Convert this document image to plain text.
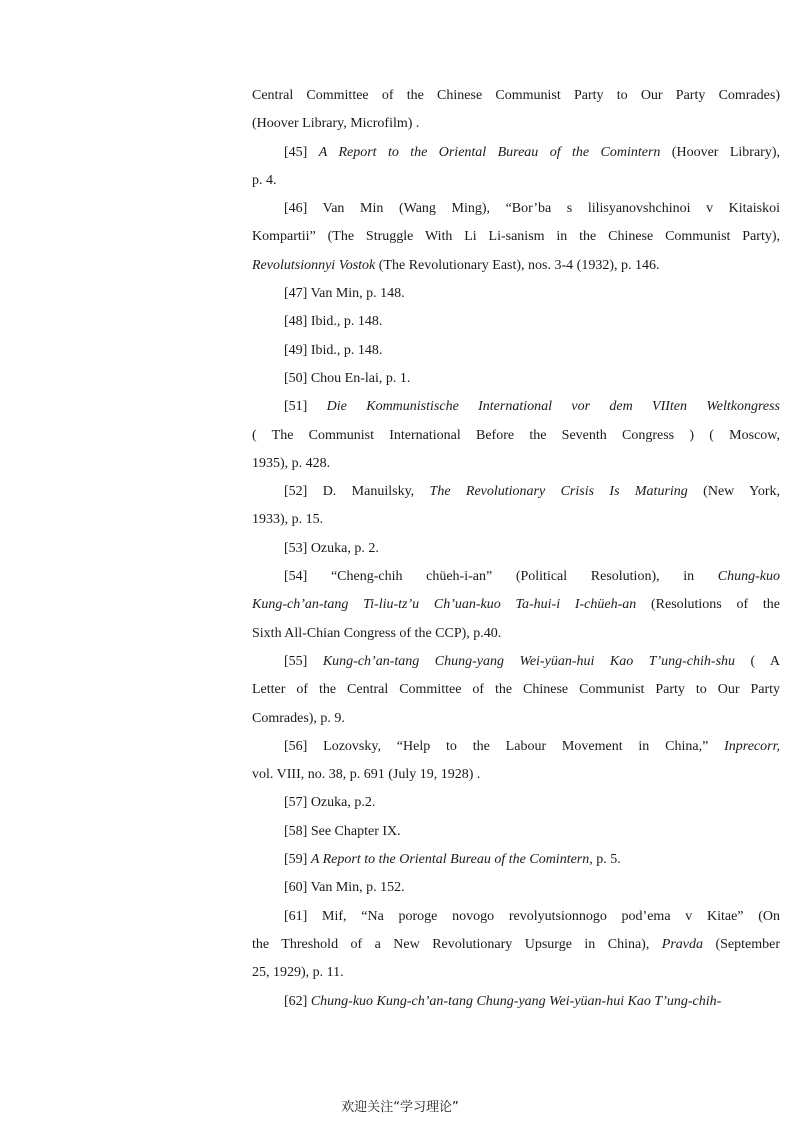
Central Committee of the Chinese Communist Party to Our Party Comrades)
(Hoover Library, Microfilm) .
[45] A Report to the Oriental Bureau of the Comintern (Hoover Library),
p. 4.
[46] Van Min (Wang Ming), “Bor’ba s lilisyanovshchinoi v Kitaiskoi
Kompartii” (The Struggle With Li Li-sanism in the Chinese Communist Party),
Revolutsionnyi Vostok (The Revolutionary East), nos. 3-4 (1932), p. 146.
[47] Van Min, p. 148.
[48] Ibid., p. 148.
[49] Ibid., p. 148.
[50] Chou En-lai, p. 1.
[51] Die Kommunistische International vor dem VIIten Weltkongress
( The Communist International Before the Seventh Congress ) ( Moscow,
1935), p. 428.
[52] D. Manuilsky, The Revolutionary Crisis Is Maturing (New York,
1933), p. 15.
[53] Ozuka, p. 2.
[54] “Cheng-chih chüeh-i-an” (Political Resolution), in Chung-kuo
Kung-ch’an-tang Ti-liu-tz’u Ch’uan-kuo Ta-hui-i I-chüeh-an (Resolutions of the
Sixth All-Chian Congress of the CCP), p.40.
[55] Kung-ch’an-tang Chung-yang Wei-yüan-hui Kao T’ung-chih-shu ( A
Letter of the Central Committee of the Chinese Communist Party to Our Party
Comrades), p. 9.
[56] Lozovsky, “Help to the Labour Movement in China,” Inprecorr,
vol. VIII, no. 38, p. 691 (July 19, 1928) .
[57] Ozuka, p.2.
[58] See Chapter IX.
[59] A Report to the Oriental Bureau of the Comintern, p. 5.
[60] Van Min, p. 152.
[61] Mif, “Na poroge novogo revolyutsionnogo pod’ema v Kitae” (On
the Threshold of a New Revolutionary Upsurge in China), Pravda (September
25, 1929), p. 11.
[62] Chung-kuo Kung-ch’an-tang Chung-yang Wei-yüan-hui Kao T’ung-chih-
欢迎关注“学习理论”
